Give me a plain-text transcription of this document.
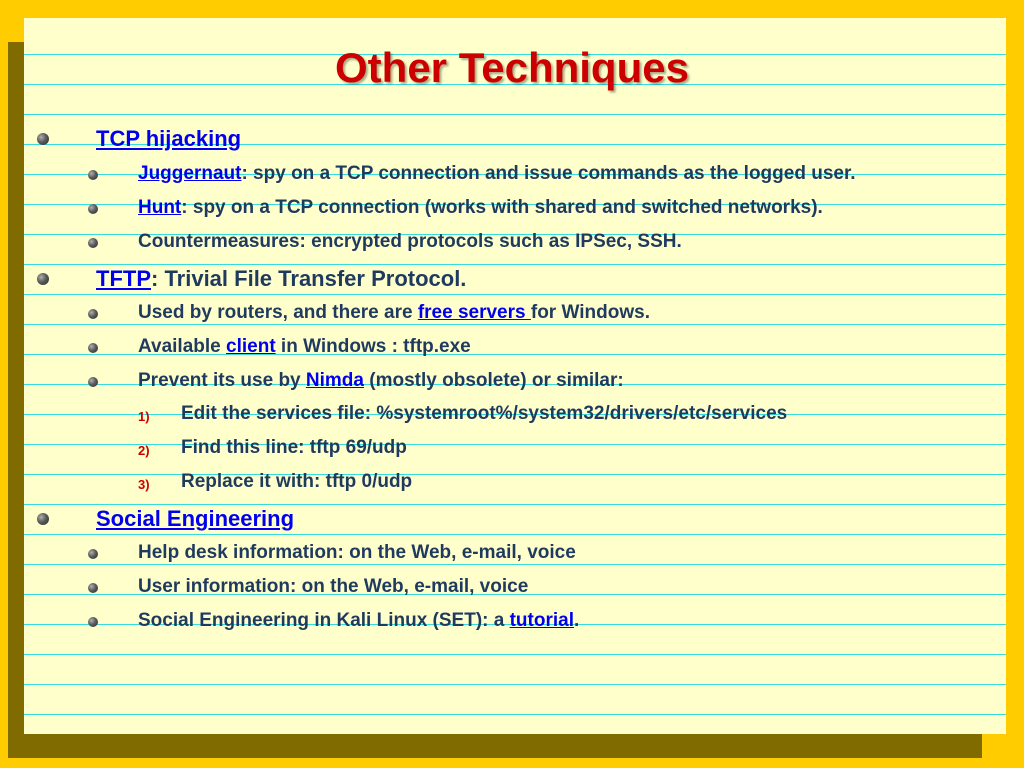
Other Techniques
TCP hijacking
Juggernaut: spy on a TCP connection and issue commands as the logged user.
Hunt: spy on a TCP connection (works with shared and switched networks).
Countermeasures: encrypted protocols such as IPSec, SSH.
TFTP: Trivial File Transfer Protocol.
Used by routers, and there are free servers for Windows.
Available client in Windows : tftp.exe
Prevent its use by Nimda (mostly obsolete) or similar:
1) Edit the services file: %systemroot%/system32/drivers/etc/services
2) Find this line: tftp 69/udp
3) Replace it with: tftp 0/udp
Social Engineering
Help desk information: on the Web, e-mail, voice
User information: on the Web, e-mail, voice
Social Engineering in Kali Linux (SET): a tutorial.
